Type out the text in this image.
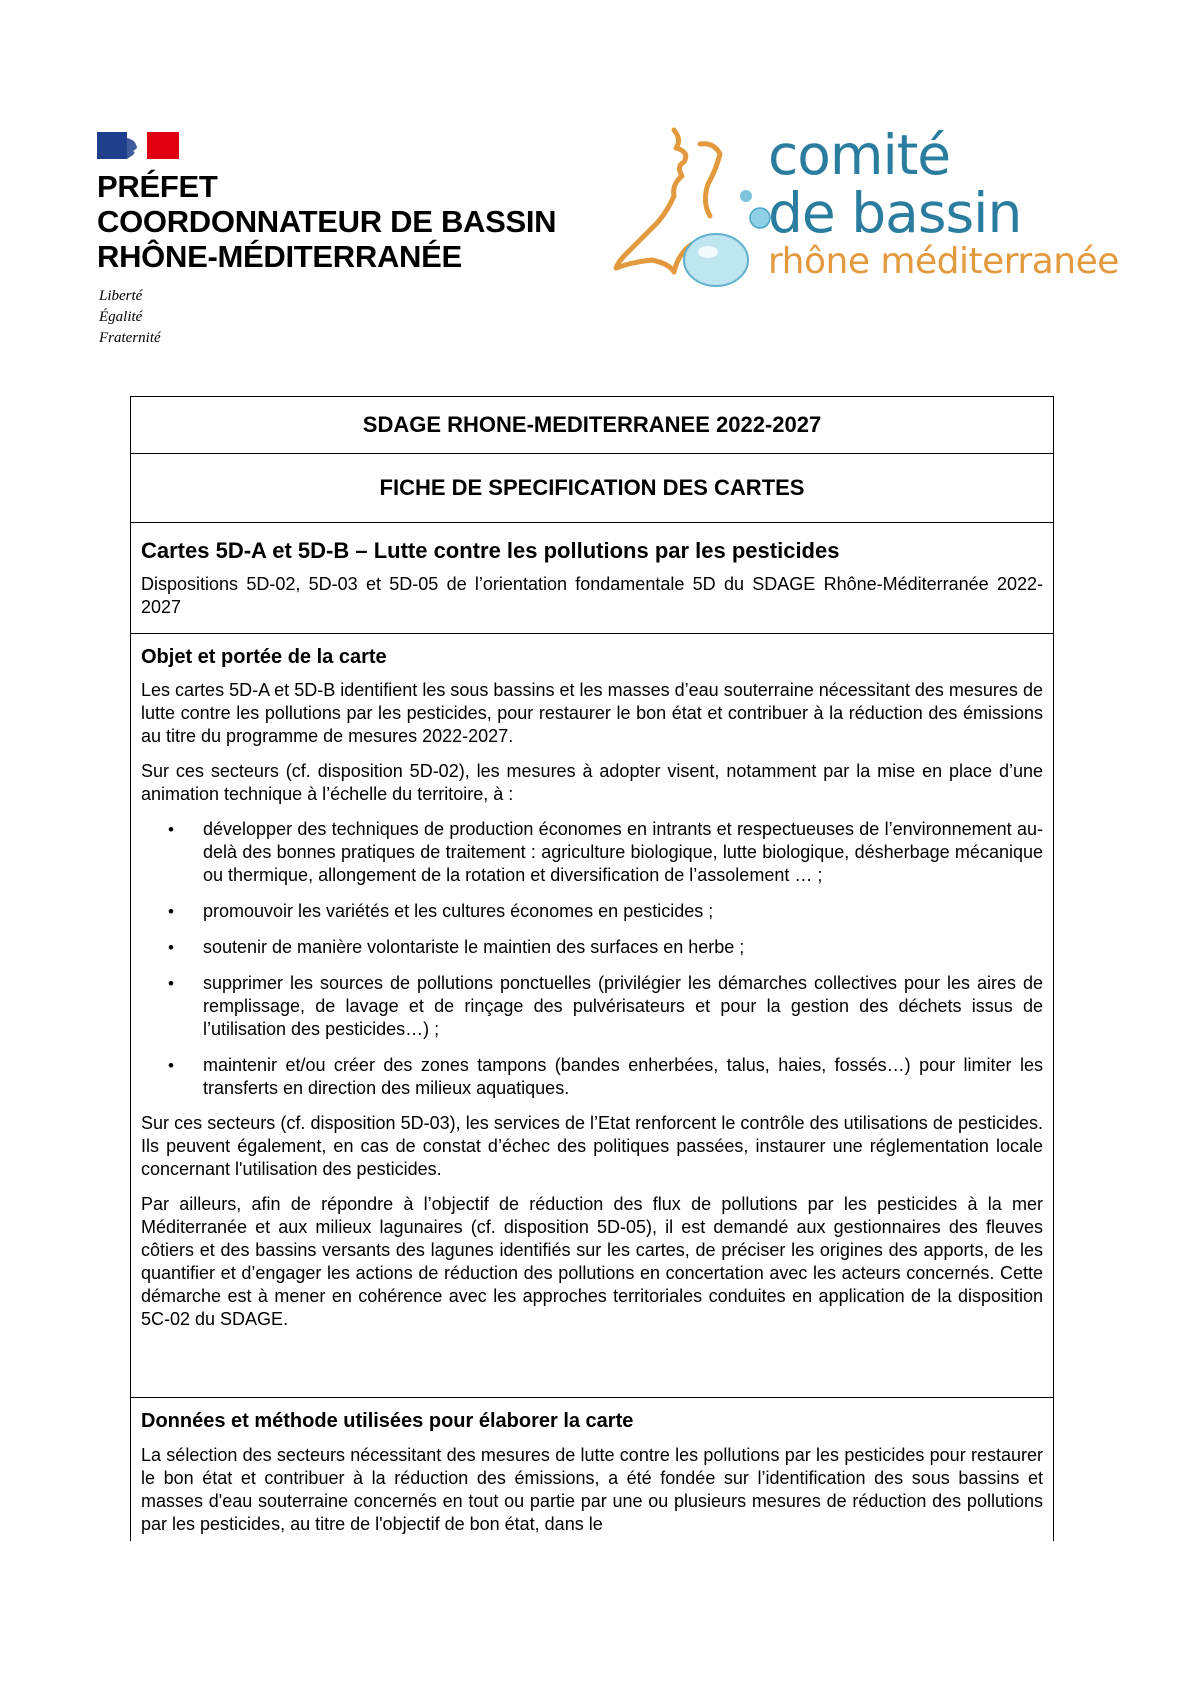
PRÉFET
COORDONNATEUR DE BASSIN
RHÔNE-MÉDITERRANÉE
Liberté
Égalité
Fraternité
comité
de bassin
rhône méditerranée
SDAGE RHONE-MEDITERRANEE 2022-2027
FICHE DE SPECIFICATION DES CARTES
Cartes 5D-A et 5D-B – Lutte contre les pollutions par les pesticides

Dispositions 5D-02, 5D-03 et 5D-05 de l’orientation fondamentale 5D du SDAGE Rhône-Méditerranée 2022-2027

Objet et portée de la carte

Les cartes 5D-A et 5D-B identifient les sous bassins et les masses d’eau souterraine nécessitant des mesures de lutte contre les pollutions par les pesticides, pour restaurer le bon état et contribuer à la réduction des émissions au titre du programme de mesures 2022-2027.

Sur ces secteurs (cf. disposition 5D-02), les mesures à adopter visent, notamment par la mise en place d’une animation technique à l’échelle du territoire, à :

• développer des techniques de production économes en intrants et respectueuses de l’environnement au-delà des bonnes pratiques de traitement : agriculture biologique, lutte biologique, désherbage mécanique ou thermique, allongement de la rotation et diversification de l’assolement … ;
• promouvoir les variétés et les cultures économes en pesticides ;
• soutenir de manière volontariste le maintien des surfaces en herbe ;
• supprimer les sources de pollutions ponctuelles (privilégier les démarches collectives pour les aires de remplissage, de lavage et de rinçage des pulvérisateurs et pour la gestion des déchets issus de l’utilisation des pesticides…) ;
• maintenir et/ou créer des zones tampons (bandes enherbées, talus, haies, fossés…) pour limiter les transferts en direction des milieux aquatiques.

Sur ces secteurs (cf. disposition 5D-03), les services de l’Etat renforcent le contrôle des utilisations de pesticides. Ils peuvent également, en cas de constat d’échec des politiques passées, instaurer une réglementation locale concernant l'utilisation des pesticides.

Par ailleurs, afin de répondre à l’objectif de réduction des flux de pollutions par les pesticides à la mer Méditerranée et aux milieux lagunaires (cf. disposition 5D-05), il est demandé aux gestionnaires des fleuves côtiers et des bassins versants des lagunes identifiés sur les cartes, de préciser les origines des apports, de les quantifier et d’engager les actions de réduction des pollutions en concertation avec les acteurs concernés. Cette démarche est à mener en cohérence avec les approches territoriales conduites en application de la disposition 5C-02 du SDAGE.

Données et méthode utilisées pour élaborer la carte

La sélection des secteurs nécessitant des mesures de lutte contre les pollutions par les pesticides pour restaurer le bon état et contribuer à la réduction des émissions, a été fondée sur l’identification des sous bassins et masses d'eau souterraine concernés en tout ou partie par une ou plusieurs mesures de réduction des pollutions par les pesticides, au titre de l'objectif de bon état, dans le
